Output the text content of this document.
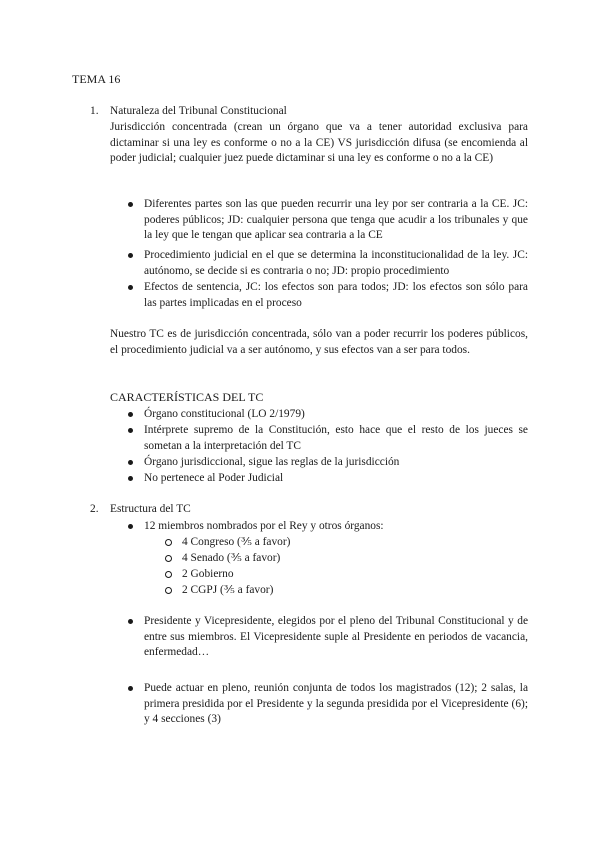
TEMA 16
1. Naturaleza del Tribunal Constitucional
Jurisdicción concentrada (crean un órgano que va a tener autoridad exclusiva para dictaminar si una ley es conforme o no a la CE) VS jurisdicción difusa (se encomienda al poder judicial; cualquier juez puede dictaminar si una ley es conforme o no a la CE)
Diferentes partes son las que pueden recurrir una ley por ser contraria a la CE. JC: poderes públicos; JD: cualquier persona que tenga que acudir a los tribunales y que la ley que le tengan que aplicar sea contraria a la CE
Procedimiento judicial en el que se determina la inconstitucionalidad de la ley. JC: autónomo, se decide si es contraria o no; JD: propio procedimiento
Efectos de sentencia, JC: los efectos son para todos; JD: los efectos son sólo para las partes implicadas en el proceso
Nuestro TC es de jurisdicción concentrada, sólo van a poder recurrir los poderes públicos, el procedimiento judicial va a ser autónomo, y sus efectos van a ser para todos.
CARACTERÍSTICAS DEL TC
Órgano constitucional (LO 2/1979)
Intérprete supremo de la Constitución, esto hace que el resto de los jueces se sometan a la interpretación del TC
Órgano jurisdiccional, sigue las reglas de la jurisdicción
No pertenece al Poder Judicial
2. Estructura del TC
12 miembros nombrados por el Rey y otros órganos:
4 Congreso (⅗ a favor)
4 Senado (⅗ a favor)
2 Gobierno
2 CGPJ (⅗ a favor)
Presidente y Vicepresidente, elegidos por el pleno del Tribunal Constitucional y de entre sus miembros. El Vicepresidente suple al Presidente en periodos de vacancia, enfermedad…
Puede actuar en pleno, reunión conjunta de todos los magistrados (12); 2 salas, la primera presidida por el Presidente y la segunda presidida por el Vicepresidente (6); y 4 secciones (3)
